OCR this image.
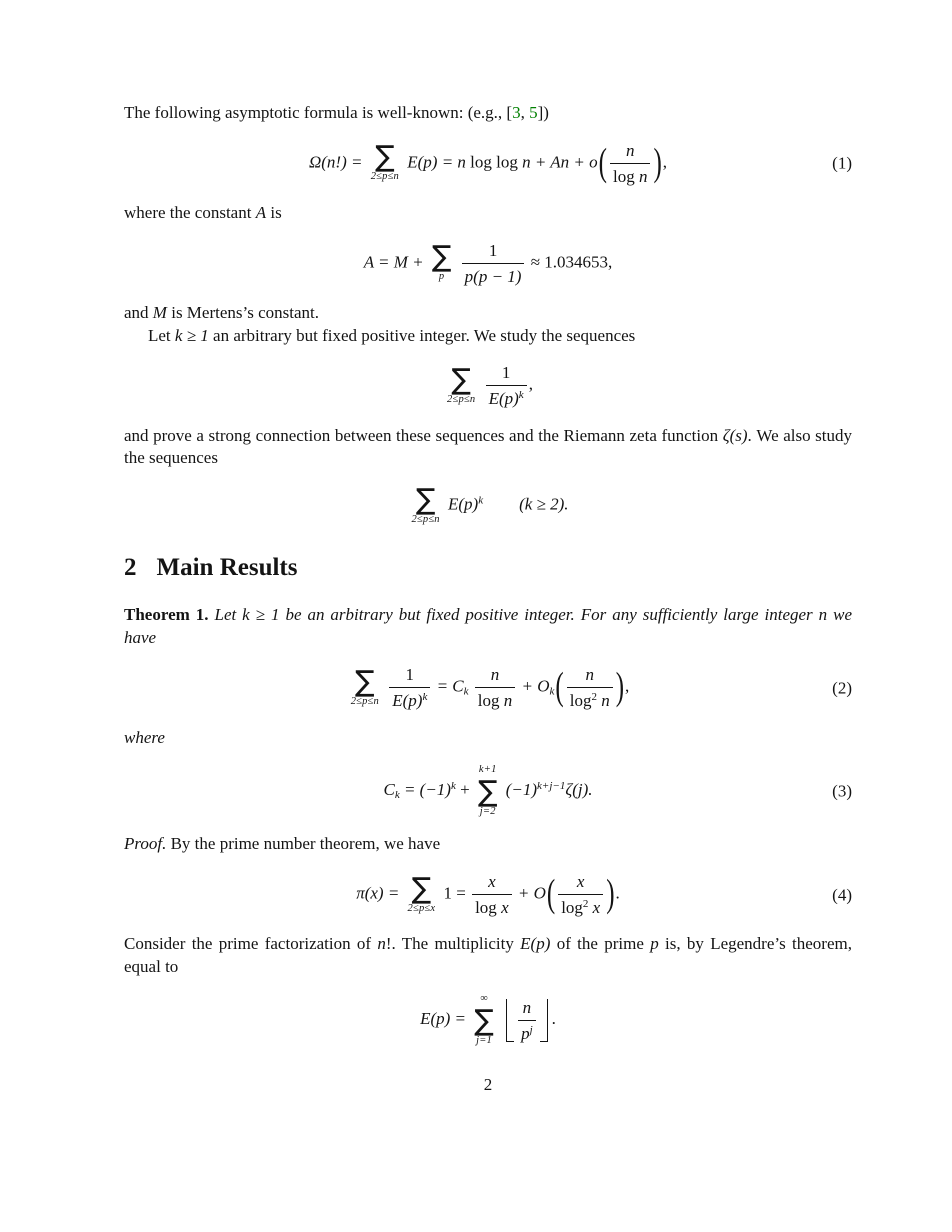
The following asymptotic formula is well-known: (e.g., [3, 5])

Ω(n!) = ∑
2≤p≤n
E(p) = n $\log \log n + An + o( \frac{n}{\text{log n}}$ ),	(1)

where the constant A is

A = M + ∑
p
$\frac{1}{p(p - 1)} \approx 1.034653$,

and M is Mertens’s constant.

Let k ≥ 1 an arbitrary but fixed positive integer. We study the sequences

∑
2≤p≤n
$\frac{1}{E(p)^k}$ ,

and prove a strong connection between these sequences and the Riemann zeta function ζ(s). We also study the sequences

∑
2≤p≤n
$E(p)^k$ (k ≥ 2).
2 Main Results

Theorem 1. Let k ≥ 1 be an arbitrary but fixed positive integer. For any sufficiently large integer n we have

∑
2≤p≤n
$\frac{1}{E(p)^k} = Ck \frac{n}{\text{log n}} + Ok( \frac{n}{\log^2 n}$ ),	(2)

where

$Ck = (-1)^k$ +
k+1
∑
j=2
$(-1)^{k+j-1}\zeta(j)$.	(3)

Proof. By the prime number theorem, we have

π(x) = ∑
2≤p≤x
$1 = \frac{x}{\text{log x}} + O( \frac{x}{\log^2 x}$ ).	(4)

Consider the prime factorization of n!. The multiplicity E(p) of the prime p is, by Legendre’s theorem, equal to

E(p) =
∞
∑
j=1
$\frac{n}{p^j}$ .
2
